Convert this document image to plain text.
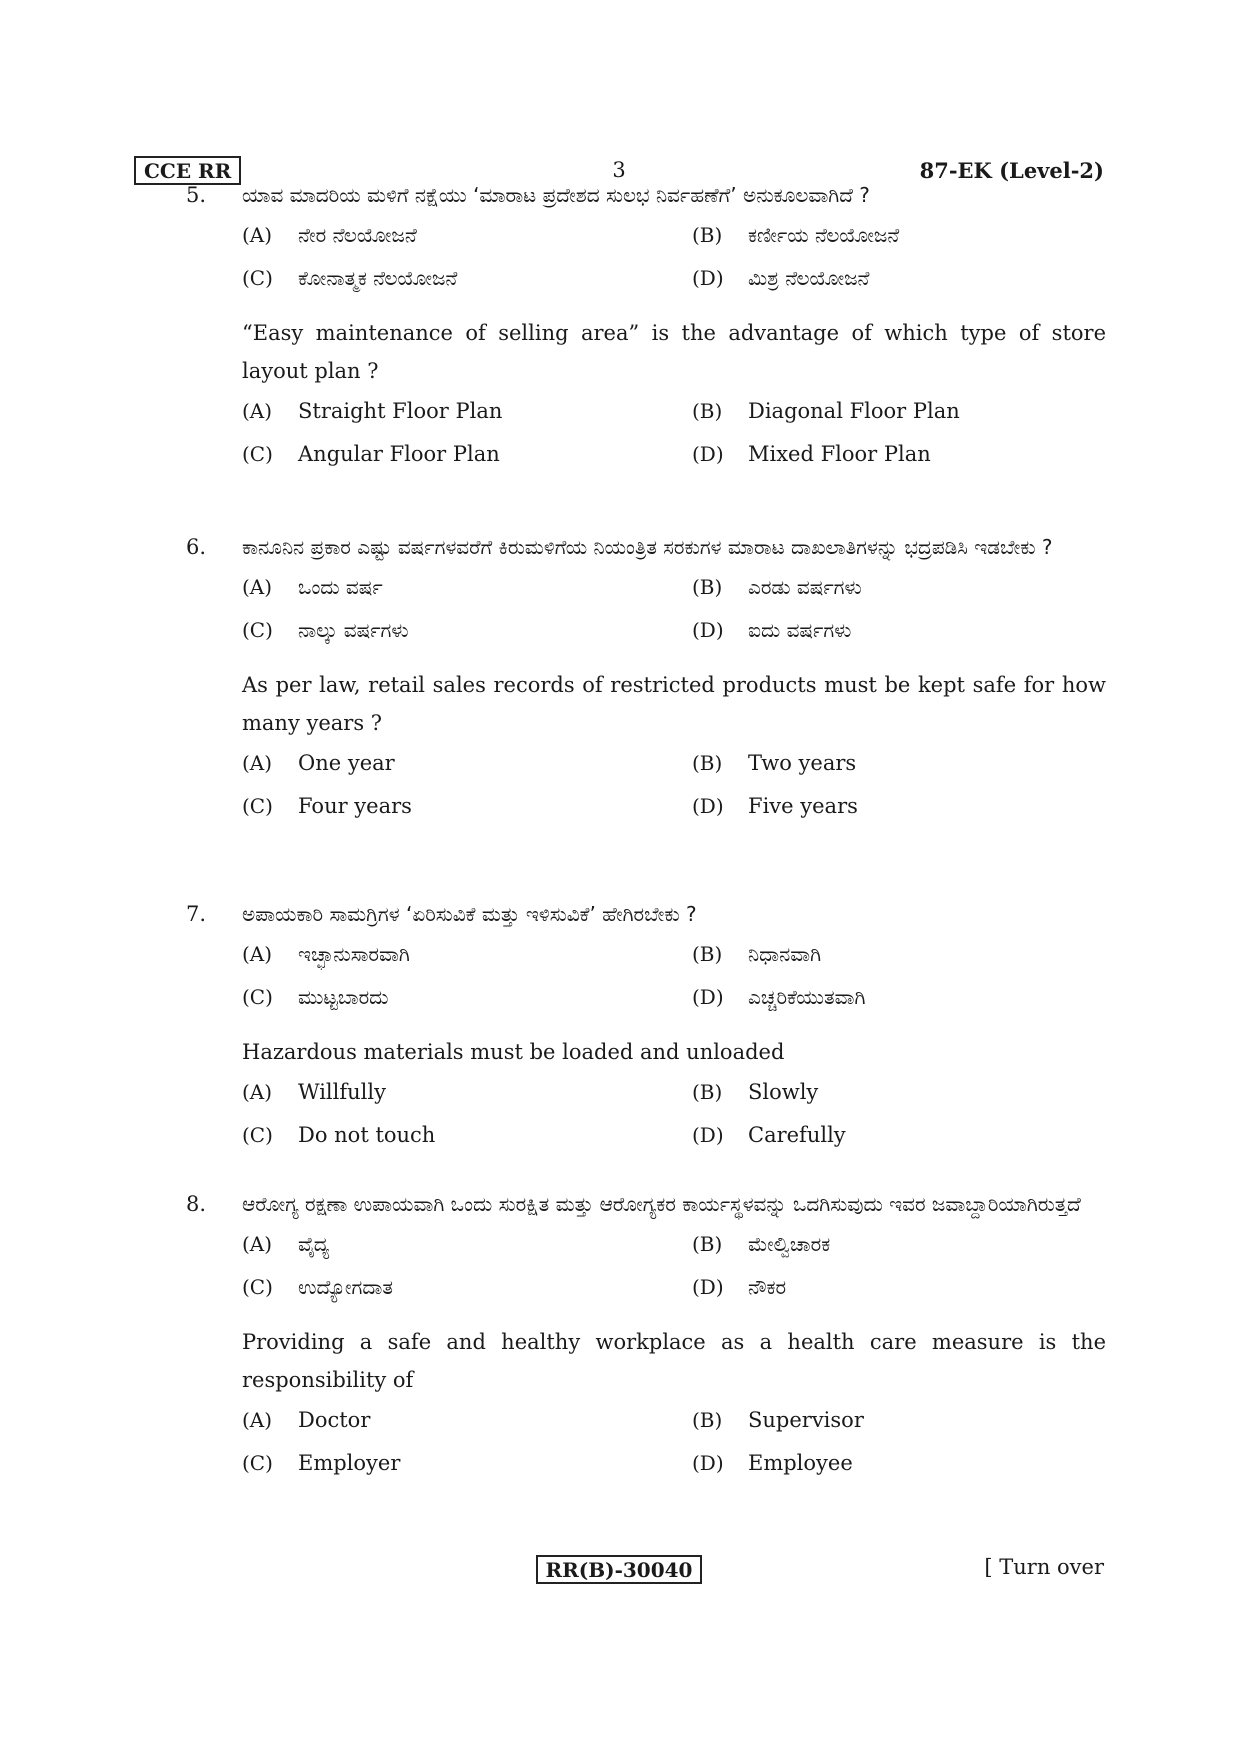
CCE RR	3	87-EK (Level-2)
5. ಯಾವ ಮಾದರಿಯ ಮಳಿಗೆ ನಕ್ಷೆಯು ‘ಮಾರಾಟ ಪ್ರದೇಶದ ಸುಲಭ ನಿರ್ವಹಣೆಗೆ’ ಅನುಕೂಲವಾಗಿದೆ ?

(A) ನೇರ ನೆಲಯೋಜನೆ	(B) ಕರ್ಣೀಯ ನೆಲಯೋಜನೆ
(C) ಕೋನಾತ್ಮಕ ನೆಲಯೋಜನೆ	(D) ಮಿಶ್ರ ನೆಲಯೋಜನೆ

“Easy maintenance of selling area” is the advantage of which type of store layout plan ?

(A) Straight Floor Plan	(B) Diagonal Floor Plan
(C) Angular Floor Plan	(D) Mixed Floor Plan
6. ಕಾನೂನಿನ ಪ್ರಕಾರ ಎಷ್ಟು ವರ್ಷಗಳವರೆಗೆ ಕಿರುಮಳಿಗೆಯ ನಿಯಂತ್ರಿತ ಸರಕುಗಳ ಮಾರಾಟ ದಾಖಲಾತಿಗಳನ್ನು ಭದ್ರಪಡಿಸಿ ಇಡಬೇಕು ?

(A) ಒಂದು ವರ್ಷ	(B) ಎರಡು ವರ್ಷಗಳು
(C) ನಾಲ್ಕು ವರ್ಷಗಳು	(D) ಐದು ವರ್ಷಗಳು

As per law, retail sales records of restricted products must be kept safe for how many years ?

(A) One year	(B) Two years
(C) Four years	(D) Five years
7. ಅಪಾಯಕಾರಿ ಸಾಮಗ್ರಿಗಳ ‘ಏರಿಸುವಿಕೆ ಮತ್ತು ಇಳಿಸುವಿಕೆ’ ಹೇಗಿರಬೇಕು ?

(A) ಇಚ್ಛಾನುಸಾರವಾಗಿ	(B) ನಿಧಾನವಾಗಿ
(C) ಮುಟ್ಟಬಾರದು	(D) ಎಚ್ಚರಿಕೆಯುತವಾಗಿ

Hazardous materials must be loaded and unloaded

(A) Willfully	(B) Slowly
(C) Do not touch	(D) Carefully
8. ಆರೋಗ್ಯ ರಕ್ಷಣಾ ಉಪಾಯವಾಗಿ ಒಂದು ಸುರಕ್ಷಿತ ಮತ್ತು ಆರೋಗ್ಯಕರ ಕಾರ್ಯಸ್ಥಳವನ್ನು ಒದಗಿಸುವುದು ಇವರ ಜವಾಬ್ದಾರಿಯಾಗಿರುತ್ತದೆ

(A) ವೈದ್ಯ	(B) ಮೇಲ್ವಿಚಾರಕ
(C) ಉದ್ಯೋಗದಾತ	(D) ನೌಕರ

Providing a safe and healthy workplace as a health care measure is the responsibility of

(A) Doctor	(B) Supervisor
(C) Employer	(D) Employee
RR(B)-30040	[ Turn over
